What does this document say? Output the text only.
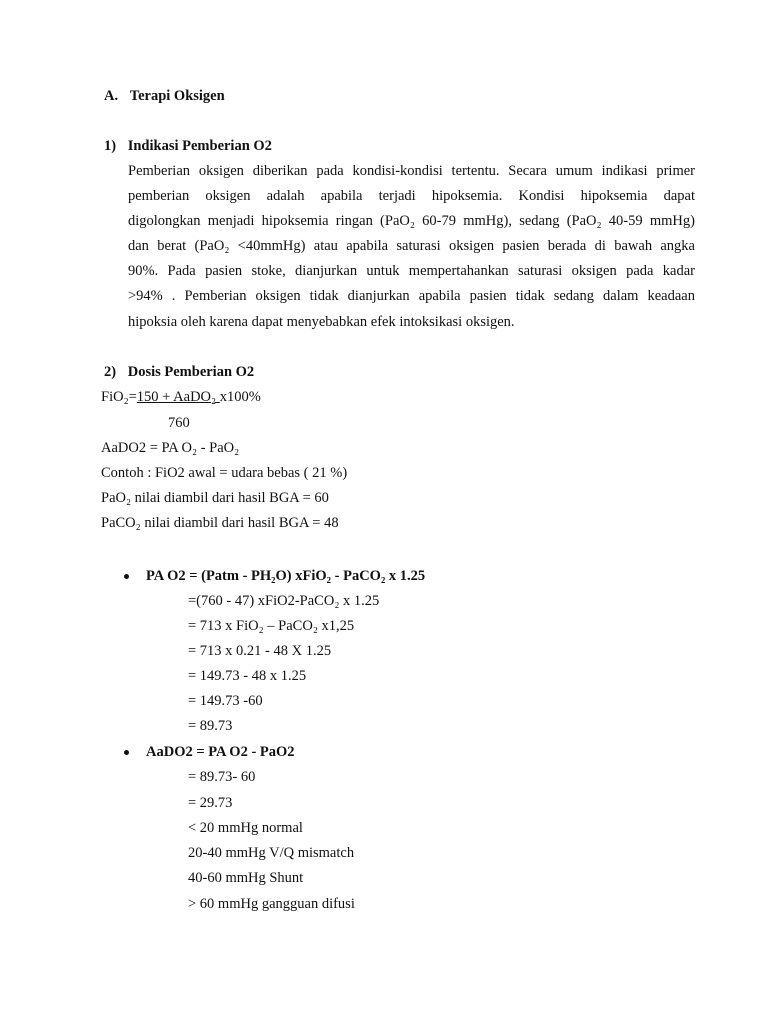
A. Terapi Oksigen
1) Indikasi Pemberian O2
Pemberian oksigen diberikan pada kondisi-kondisi tertentu. Secara umum indikasi primer
pemberian oksigen adalah apabila terjadi hipoksemia. Kondisi hipoksemia dapat
digolongkan menjadi hipoksemia ringan (PaO₂ 60-79 mmHg), sedang (PaO₂ 40-59 mmHg)
dan berat (PaO₂ <40mmHg) atau apabila saturasi oksigen pasien berada di bawah angka
90%. Pada pasien stoke, dianjurkan untuk mempertahankan saturasi oksigen pada kadar
>94% . Pemberian oksigen tidak dianjurkan apabila pasien tidak sedang dalam keadaan
hipoksia oleh karena dapat menyebabkan efek intoksikasi oksigen.
2) Dosis Pemberian O2
FiO₂=150 + AaDO₂ x100%
760
AaDO2 = PA O₂ - PaO₂
Contoh : FiO2 awal = udara bebas ( 21 %)
PaO₂ nilai diambil dari hasil BGA = 60
PaCO₂ nilai diambil dari hasil BGA = 48
PA O2 = (Patm - PH₂O) xFiO₂ - PaCO₂ x 1.25
=(760 - 47) xFiO2-PaCO₂ x 1.25
= 713 x FiO₂ – PaCO₂ x1,25
= 713 x 0.21 - 48 X 1.25
= 149.73 - 48 x 1.25
= 149.73 -60
= 89.73
AaDO2 = PA O2 - PaO2
= 89.73- 60
= 29.73
< 20 mmHg normal
20-40 mmHg V/Q mismatch
40-60 mmHg Shunt
> 60 mmHg gangguan difusi
